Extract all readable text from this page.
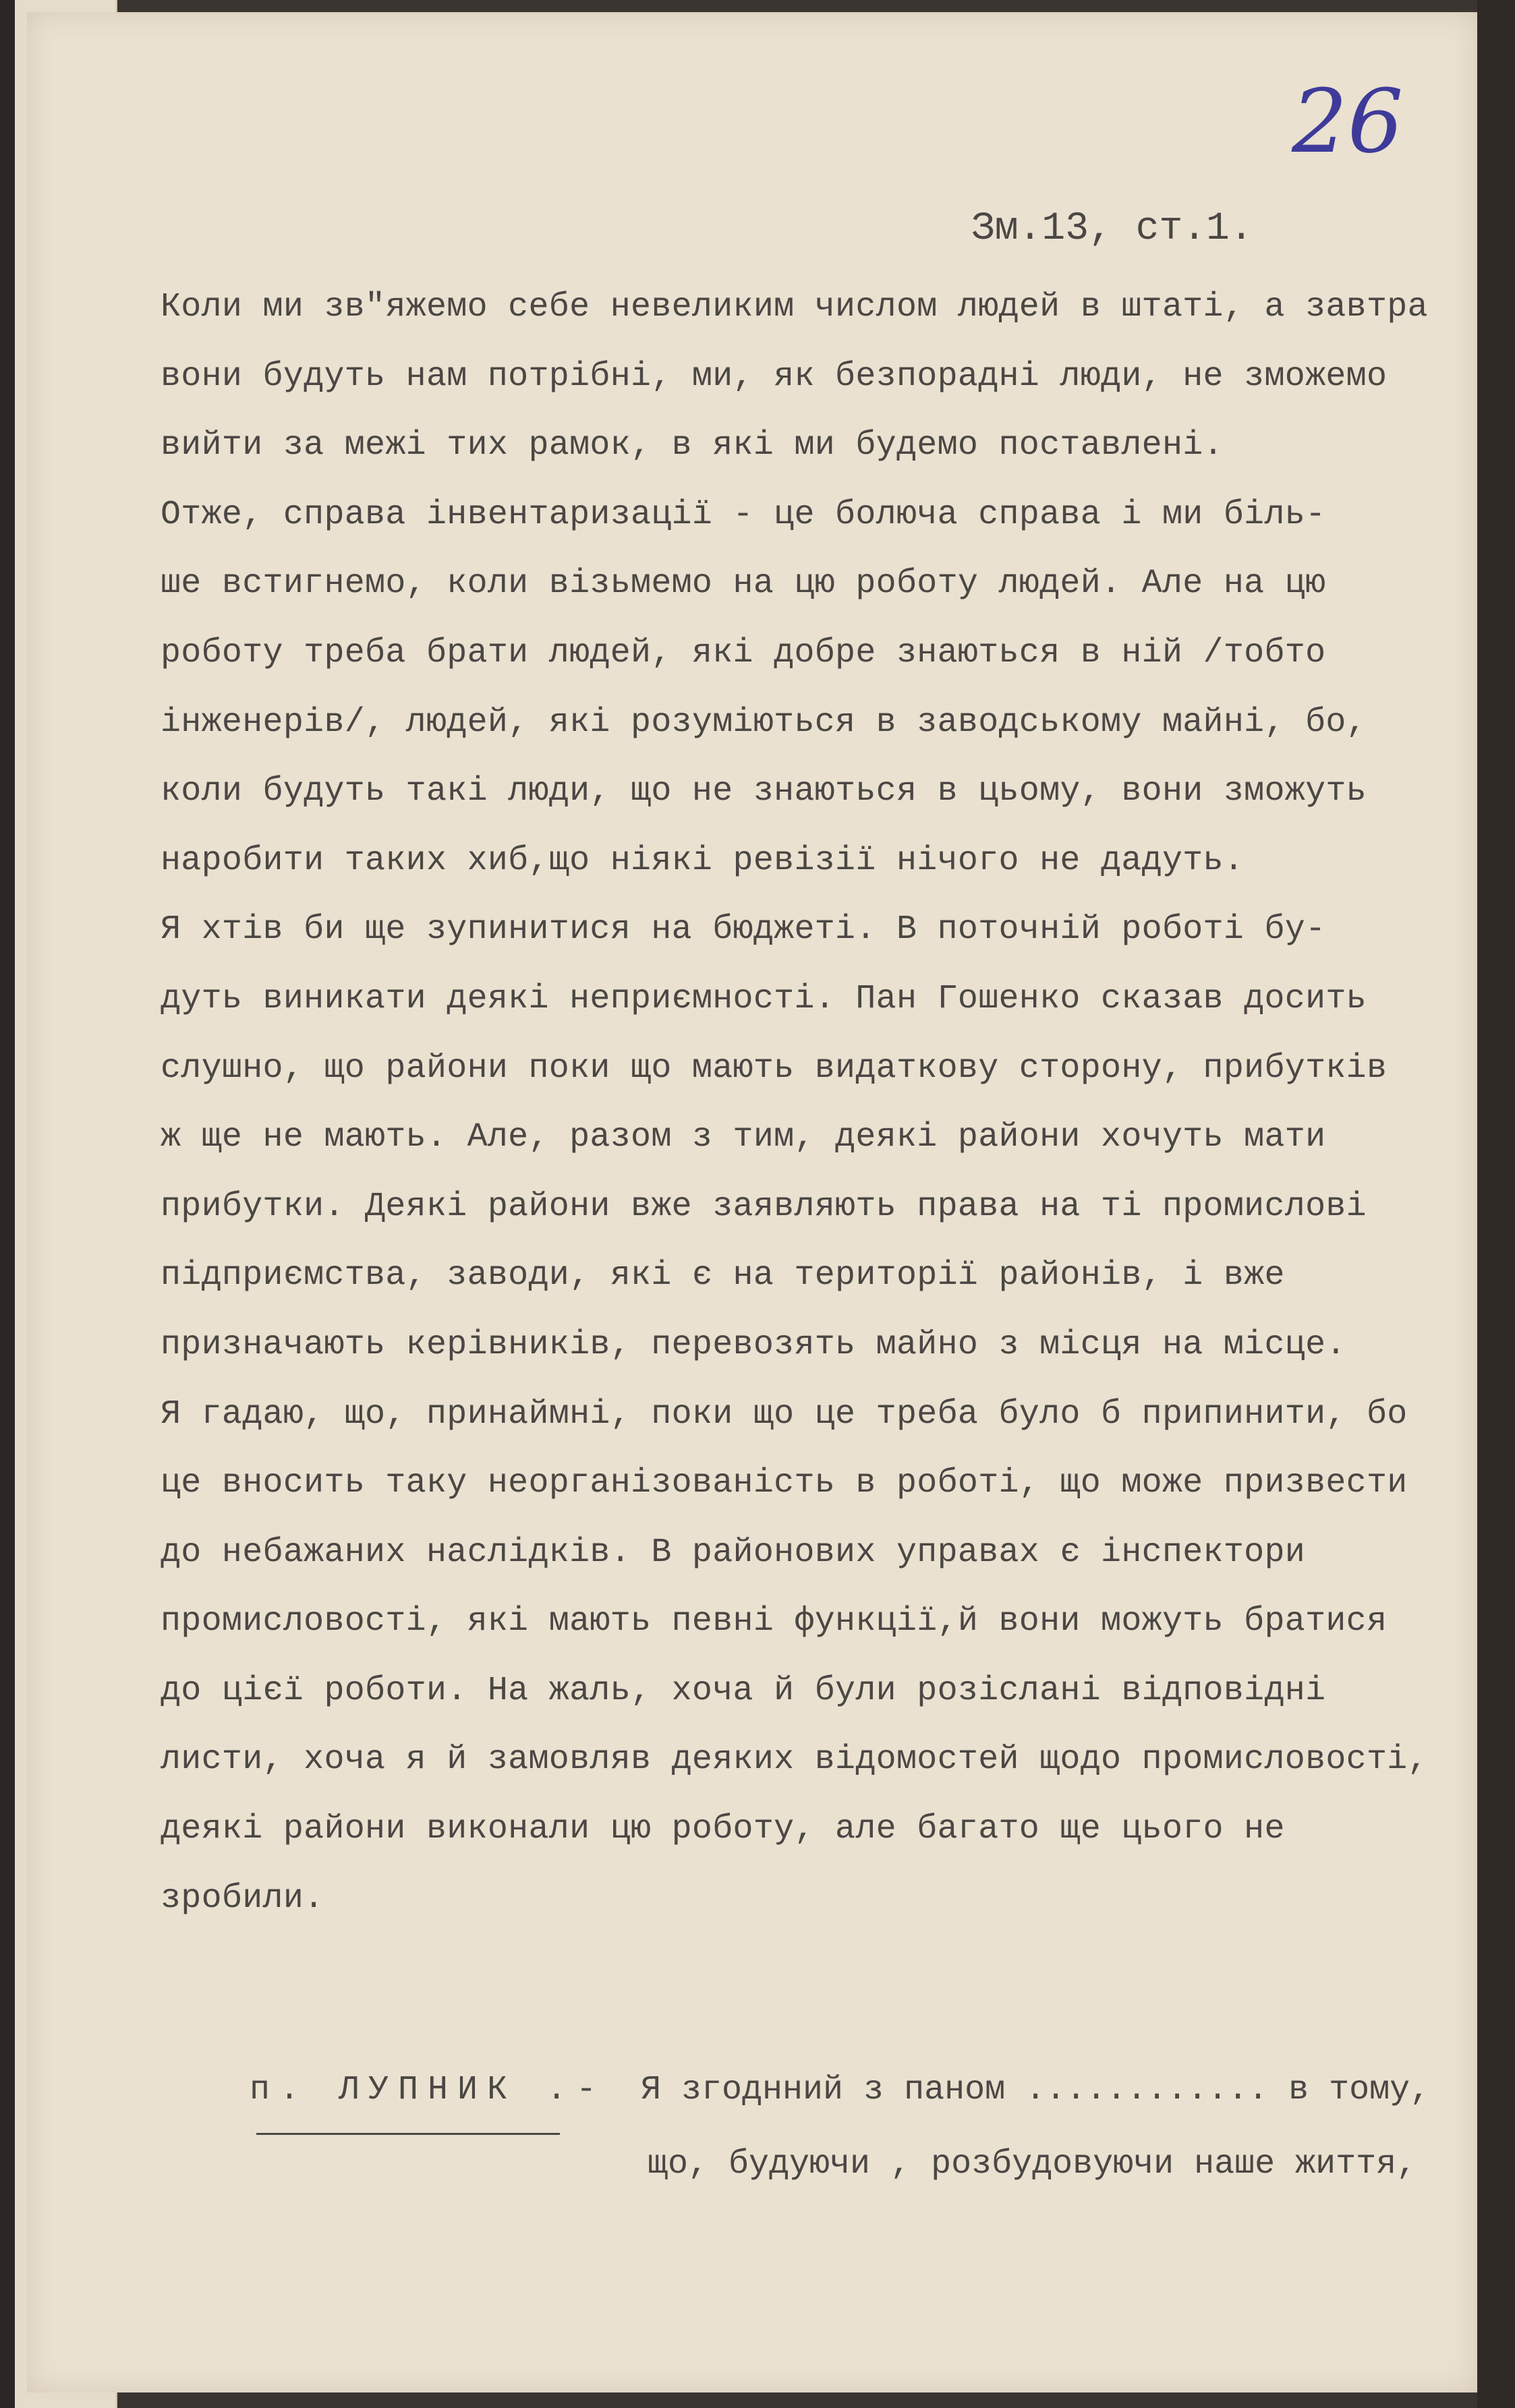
26
Зм.13, ст.1.
Коли ми зв"яжемо себе невеликим числом людей в штаті, а завтра
вони будуть нам потрібні, ми, як безпорадні люди, не зможемо
вийти за межі тих рамок, в які ми будемо поставлені.
Отже, справа інвентаризації - це болюча справа і ми біль-
ше встигнемо, коли візьмемо на цю роботу людей. Але на цю
роботу треба брати людей, які добре знаються в ній /тобто
інженерів/, людей, які розуміються в заводському майні, бо,
коли будуть такі люди, що не знаються в цьому, вони зможуть
наробити таких хиб,що ніякі ревізії нічого не дадуть.
Я хтів би ще зупинитися на бюджеті. В поточній роботі бу-
дуть виникати деякі неприємності. Пан Гошенко сказав досить
слушно, що райони поки що мають видаткову сторону, прибутків
ж ще не мають. Але, разом з тим, деякі райони хочуть мати
прибутки. Деякі райони вже заявляють права на ті промислові
підприємства, заводи, які є на території районів, і вже
призначають керівників, перевозять майно з місця на місце.
Я гадаю, що, принаймні, поки що це треба було б припинити, бо
це вносить таку неорганізованість в роботі, що може призвести
до небажаних наслідків. В районових управах є інспектори
промисловості, які мають певні функції,й вони можуть братися
до цієї роботи. На жаль, хоча й були розіслані відповідні
листи, хоча я й замовляв деяких відомостей щодо промисловості,
деякі райони виконали цю роботу, але багато ще цього не
зробили.
п. ЛУПНИК .-	Я згоднний з паном ............ в тому,
що, будуючи , розбудовуючи наше життя,
